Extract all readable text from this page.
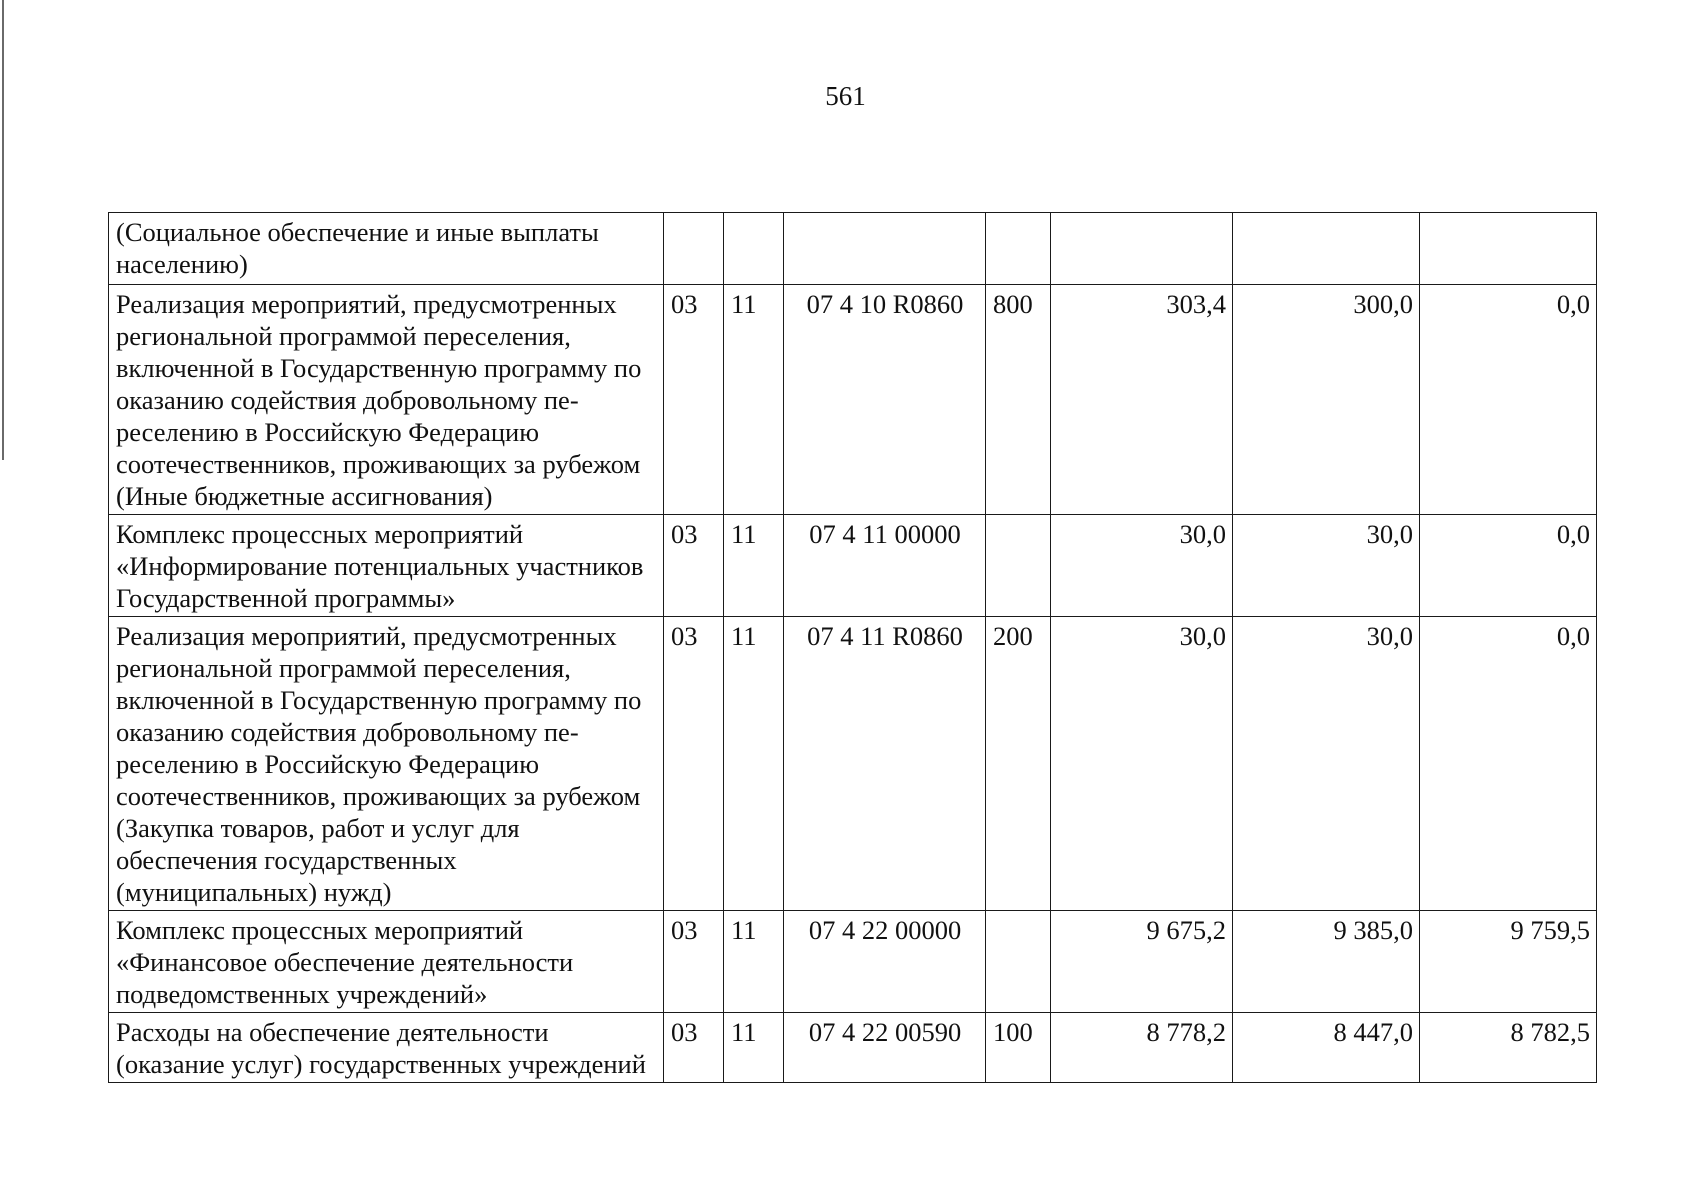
561
(Социальное обеспечение и иные выплаты населению)							
Реализация мероприятий, предусмотренных региональной программой переселения, включенной в Государственную программу по оказанию содействия добровольному переселению в Российскую Федерацию соотечественников, проживающих за рубежом (Иные бюджетные ассигнования)	03	11	07 4 10 R0860	800	303,4	300,0	0,0
Комплекс процессных мероприятий «Информирование потенциальных участников Государственной программы»	03	11	07 4 11 00000		30,0	30,0	0,0
Реализация мероприятий, предусмотренных региональной программой переселения, включенной в Государственную программу по оказанию содействия добровольному переселению в Российскую Федерацию соотечественников, проживающих за рубежом (Закупка товаров, работ и услуг для обеспечения государственных (муниципальных) нужд)	03	11	07 4 11 R0860	200	30,0	30,0	0,0
Комплекс процессных мероприятий «Финансовое обеспечение деятельности подведомственных учреждений»	03	11	07 4 22 00000		9 675,2	9 385,0	9 759,5
Расходы на обеспечение деятельности (оказание услуг) государственных учреждений	03	11	07 4 22 00590	100	8 778,2	8 447,0	8 782,5
